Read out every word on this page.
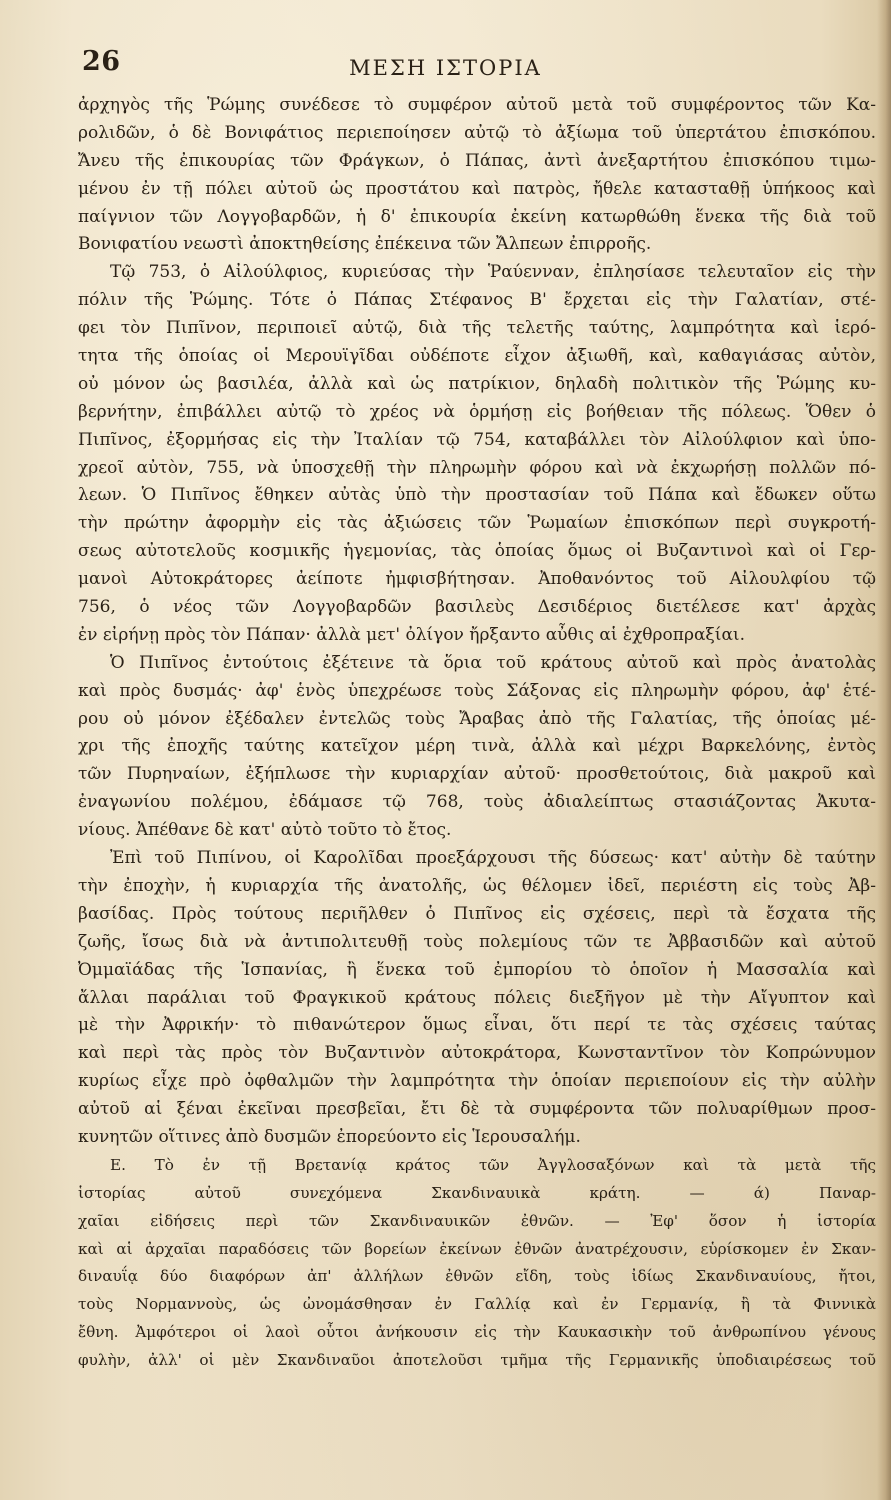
26	ΜΕΣΗ ΙΣΤΟΡΙΑ
ἀρχηγὸς τῆς Ῥώμης συνέδεσε τὸ συμφέρον αὐτοῦ μετὰ τοῦ συμφέροντος τῶν Κα-
ρολιδῶν, ὁ δὲ Βονιφάτιος περιεποίησεν αὐτῷ τὸ ἀξίωμα τοῦ ὑπερτάτου ἐπισκόπου.
Ἄνευ τῆς ἐπικουρίας τῶν Φράγκων, ὁ Πάπας, ἀντὶ ἀνεξαρτήτου ἐπισκόπου τιμω-
μένου ἐν τῇ πόλει αὐτοῦ ὡς προστάτου καὶ πατρὸς, ἤθελε κατασταθῇ ὑπήκοος καὶ
παίγνιον τῶν Λογγοβαρδῶν, ἡ δ' ἐπικουρία ἐκείνη κατωρθώθη ἕνεκα τῆς διὰ τοῦ
Βονιφατίου νεωστὶ ἀποκτηθείσης ἐπέκεινα τῶν Ἄλπεων ἐπιρροῆς.
Τῷ 753, ὁ Αἰλούλφιος, κυριεύσας τὴν Ῥαύενναν, ἐπλησίασε τελευταῖον εἰς τὴν
πόλιν τῆς Ῥώμης. Τότε ὁ Πάπας Στέφανος Β' ἔρχεται εἰς τὴν Γαλατίαν, στέ-
φει τὸν Πιπῖνον, περιποιεῖ αὐτῷ, διὰ τῆς τελετῆς ταύτης, λαμπρότητα καὶ ἱερό-
τητα τῆς ὁποίας οἱ Μερουϊγῖδαι οὐδέποτε εἶχον ἀξιωθῆ, καὶ, καθαγιάσας αὐτὸν,
οὐ μόνον ὡς βασιλέα, ἀλλὰ καὶ ὡς πατρίκιον, δηλαδὴ πολιτικὸν τῆς Ῥώμης κυ-
βερνήτην, ἐπιβάλλει αὐτῷ τὸ χρέος νὰ ὁρμήσῃ εἰς βοήθειαν τῆς πόλεως. Ὅθεν ὁ
Πιπῖνος, ἐξορμήσας εἰς τὴν Ἰταλίαν τῷ 754, καταβάλλει τὸν Αἰλούλφιον καὶ ὑπο-
χρεοῖ αὐτὸν, 755, νὰ ὑποσχεθῇ τὴν πληρωμὴν φόρου καὶ νὰ ἐκχωρήσῃ πολλῶν πό-
λεων. Ὁ Πιπῖνος ἔθηκεν αὐτὰς ὑπὸ τὴν προστασίαν τοῦ Πάπα καὶ ἔδωκεν οὕτω
τὴν πρώτην ἀφορμὴν εἰς τὰς ἀξιώσεις τῶν Ῥωμαίων ἐπισκόπων περὶ συγκροτή-
σεως αὐτοτελοῦς κοσμικῆς ἡγεμονίας, τὰς ὁποίας ὅμως οἱ Βυζαντινοὶ καὶ οἱ Γερ-
μανοὶ Αὐτοκράτορες ἀείποτε ἠμφισβήτησαν. Ἀποθανόντος τοῦ Αἰλουλφίου τῷ
756, ὁ νέος τῶν Λογγοβαρδῶν βασιλεὺς Δεσιδέριος διετέλεσε κατ' ἀρχὰς
ἐν εἰρήνῃ πρὸς τὸν Πάπαν· ἀλλὰ μετ' ὀλίγον ἤρξαντο αὖθις αἱ ἐχθροπραξίαι.
Ὁ Πιπῖνος ἐντούτοις ἐξέτεινε τὰ ὅρια τοῦ κράτους αὐτοῦ καὶ πρὸς ἀνατολὰς
καὶ πρὸς δυσμάς· ἀφ' ἑνὸς ὑπεχρέωσε τοὺς Σάξονας εἰς πληρωμὴν φόρου, ἀφ' ἑτέ-
ρου οὐ μόνον ἐξέδαλεν ἐντελῶς τοὺς Ἄραβας ἀπὸ τῆς Γαλατίας, τῆς ὁποίας μέ-
χρι τῆς ἐποχῆς ταύτης κατεῖχον μέρη τινὰ, ἀλλὰ καὶ μέχρι Βαρκελόνης, ἐντὸς
τῶν Πυρηναίων, ἐξήπλωσε τὴν κυριαρχίαν αὐτοῦ· προσθετούτοις, διὰ μακροῦ καὶ
ἐναγωνίου πολέμου, ἐδάμασε τῷ 768, τοὺς ἀδιαλείπτως στασιάζοντας Ἀκυτα-
νίους. Ἀπέθανε δὲ κατ' αὐτὸ τοῦτο τὸ ἔτος.
Ἐπὶ τοῦ Πιπίνου, οἱ Καρολῖδαι προεξάρχουσι τῆς δύσεως· κατ' αὐτὴν δὲ ταύτην
τὴν ἐποχὴν, ἡ κυριαρχία τῆς ἀνατολῆς, ὡς θέλομεν ἰδεῖ, περιέστη εἰς τοὺς Ἀβ-
βασίδας. Πρὸς τούτους περιῆλθεν ὁ Πιπῖνος εἰς σχέσεις, περὶ τὰ ἔσχατα τῆς
ζωῆς, ἴσως διὰ νὰ ἀντιπολιτευθῇ τοὺς πολεμίους τῶν τε Ἀββασιδῶν καὶ αὐτοῦ
Ὀμμαϊάδας τῆς Ἱσπανίας, ἢ ἕνεκα τοῦ ἐμπορίου τὸ ὁποῖον ἡ Μασσαλία καὶ
ἄλλαι παράλιαι τοῦ Φραγκικοῦ κράτους πόλεις διεξῆγον μὲ τὴν Αἴγυπτον καὶ
μὲ τὴν Ἀφρικήν· τὸ πιθανώτερον ὅμως εἶναι, ὅτι περί τε τὰς σχέσεις ταύτας
καὶ περὶ τὰς πρὸς τὸν Βυζαντινὸν αὐτοκράτορα, Κωνσταντῖνον τὸν Κοπρώνυμον
κυρίως εἶχε πρὸ ὀφθαλμῶν τὴν λαμπρότητα τὴν ὁποίαν περιεποίουν εἰς τὴν αὐλὴν
αὐτοῦ αἱ ξέναι ἐκεῖναι πρεσβεῖαι, ἔτι δὲ τὰ συμφέροντα τῶν πολυαρίθμων προσ-
κυνητῶν οἵτινες ἀπὸ δυσμῶν ἐπορεύοντο εἰς Ἱερουσαλήμ.
Ε. Τὸ ἐν τῇ Βρετανίᾳ κράτος τῶν Ἀγγλοσαξόνων καὶ τὰ μετὰ τῆς
ἱστορίας αὐτοῦ συνεχόμενα Σκανδιναυικὰ κράτη. — ά) Παναρ-
χαῖαι εἰδήσεις περὶ τῶν Σκανδιναυικῶν ἐθνῶν. — Ἐφ' ὅσον ἡ ἱστορία
καὶ αἱ ἀρχαῖαι παραδόσεις τῶν βορείων ἐκείνων ἐθνῶν ἀνατρέχουσιν, εὑρίσκομεν ἐν Σκαν-
διναυΐᾳ δύο διαφόρων ἀπ' ἀλλήλων ἐθνῶν εἴδη, τοὺς ἰδίως Σκανδιναυίους, ἤτοι,
τοὺς Νορμαννοὺς, ὡς ὠνομάσθησαν ἐν Γαλλίᾳ καὶ ἐν Γερμανίᾳ, ἢ τὰ Φιννικὰ
ἔθνη. Ἀμφότεροι οἱ λαοὶ οὗτοι ἀνήκουσιν εἰς τὴν Καυκασικὴν τοῦ ἀνθρωπίνου γένους
φυλὴν, ἀλλ' οἱ μὲν Σκανδιναῦοι ἀποτελοῦσι τμῆμα τῆς Γερμανικῆς ὑποδιαιρέσεως τοῦ
